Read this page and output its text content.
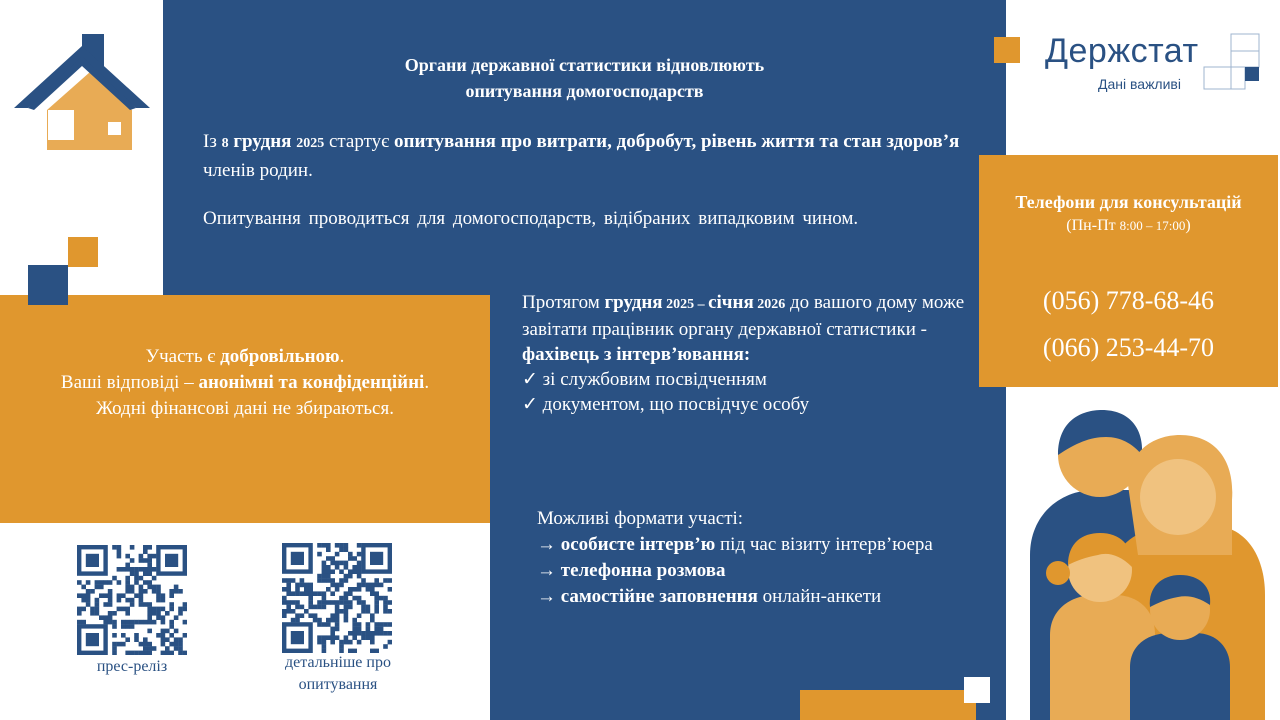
Органи державної статистики відновлюють
опитування домогосподарств
Із 8 грудня 2025 стартує опитування про витрати, добробут, рівень життя та стан здоров’я членів родин.
Опитування проводиться для домогосподарств, відібраних випадковим чином.
Протягом грудня 2025 – січня 2026 до вашого дому може завітати працівник органу державної статистики - фахівець з інтерв’ювання:
✓ зі службовим посвідченням
✓ документом, що посвідчує особу
Можливі формати участі:
→ особисте інтерв’ю під час візиту інтерв’юера
→ телефонна розмова
→ самостійне заповнення онлайн-анкети
Участь є добровільною.
Ваші відповіді – анонімні та конфіденційні.
Жодні фінансові дані не збираються.
Телефони для консультацій
(Пн-Пт 8:00 – 17:00)
(056) 778-68-46
(066) 253-44-70
Держстат
Дані важливі
прес-реліз	детальніше про опитування
